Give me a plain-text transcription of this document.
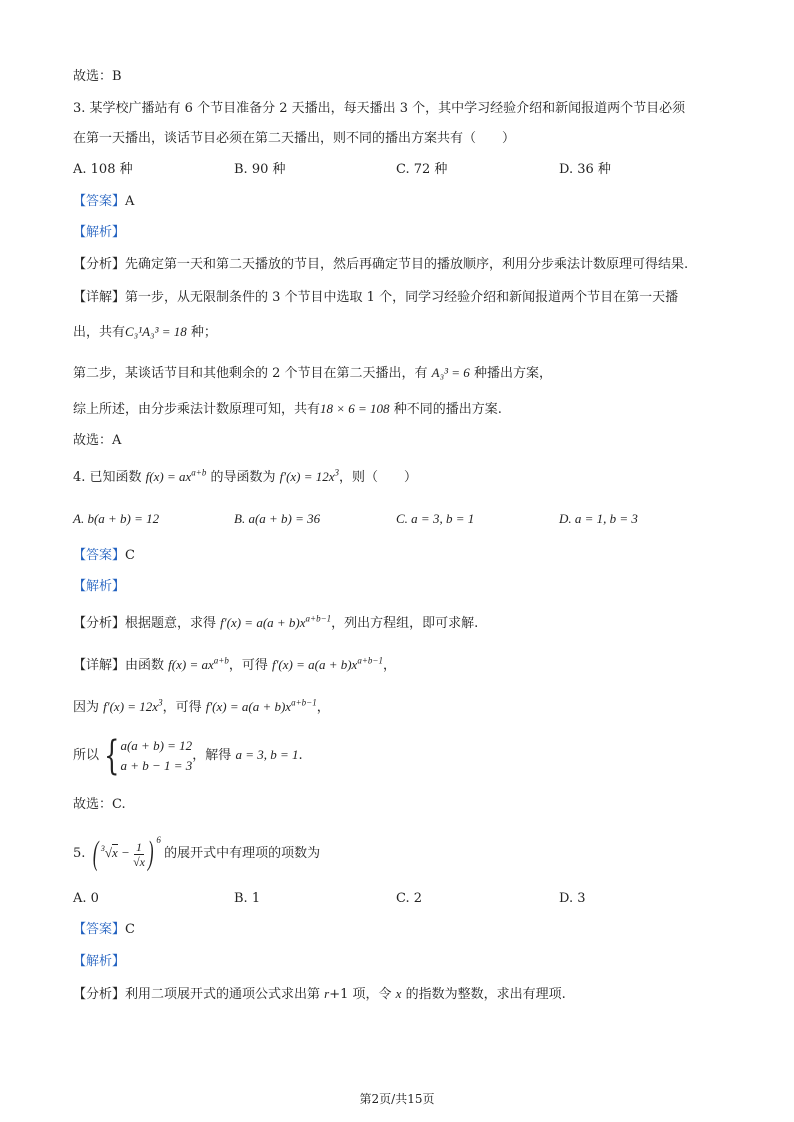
故选：B
3. 某学校广播站有 6 个节目准备分 2 天播出，每天播出 3 个，其中学习经验介绍和新闻报道两个节目必须
在第一天播出，谈话节目必须在第二天播出，则不同的播出方案共有（　　）
A. 108 种	B. 90 种	C. 72 种	D. 36 种
【答案】A
【解析】
【分析】先确定第一天和第二天播放的节目，然后再确定节目的播放顺序，利用分步乘法计数原理可得结果.
【详解】第一步，从无限制条件的 3 个节目中选取 1 个，同学习经验介绍和新闻报道两个节目在第一天播
出，共有C₃¹A₃³ = 18 种；
第二步，某谈话节目和其他剩余的 2 个节目在第二天播出，有 A₃³ = 6 种播出方案，
综上所述，由分步乘法计数原理可知，共有18 × 6 = 108 种不同的播出方案.
故选：A
4. 已知函数 $f(x) = ax^{a+b}$ 的导函数为 $f'(x) = 12x^3$，则（　　）
A. b(a + b) = 12	B. a(a + b) = 36	C. a = 3, b = 1	D. a = 1, b = 3
【答案】C
【解析】
【分析】根据题意，求得 $f'(x) = a(a + b)x^{a+b-1}$，列出方程组，即可求解.
【详解】由函数 $f(x) = ax^{a+b}$，可得 $f'(x) = a(a + b)x^{a+b-1}$，
因为 $f'(x) = 12x^3$，可得 $f'(x) = a(a + b)x^{a+b-1}$，
所以 { a(a + b) = 12
a + b − 1 = 3
，解得 a = 3, b = 1.
故选：C.
5. ( $^3√x - \frac{1}{√x}$ ) $^6$ 的展开式中有理项的项数为
A. 0	B. 1	C. 2	D. 3
【答案】C
【解析】
【分析】利用二项展开式的通项公式求出第 r+1 项，令 x 的指数为整数，求出有理项.
第2页/共15页
